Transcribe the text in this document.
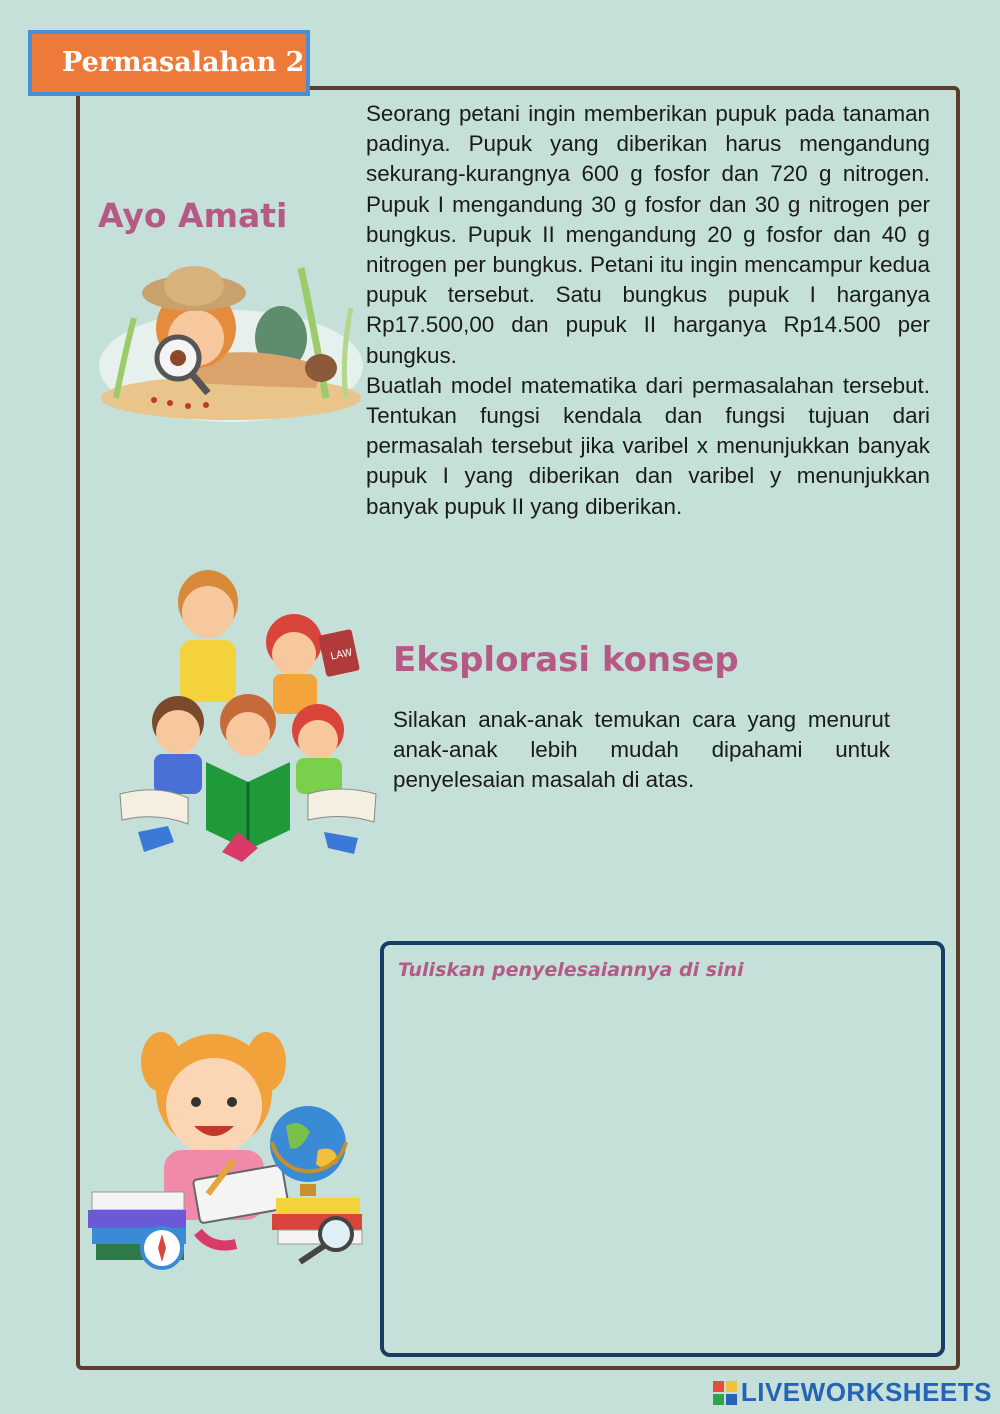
Permasalahan 2
Ayo Amati

Seorang petani ingin memberikan pupuk pada tanaman padinya. Pupuk yang diberikan harus mengandung sekurang-kurangnya 600 g fosfor dan 720 g nitrogen. Pupuk I mengandung 30 g fosfor dan 30 g nitrogen per bungkus. Pupuk II mengandung 20 g fosfor dan 40 g nitrogen per bungkus. Petani itu ingin mencampur kedua pupuk tersebut. Satu bungkus pupuk I harganya Rp17.500,00 dan pupuk II harganya Rp14.500 per bungkus.

Buatlah model matematika dari permasalahan tersebut. Tentukan fungsi kendala dan fungsi tujuan dari permasalah tersebut jika varibel x menunjukkan banyak pupuk I yang diberikan dan varibel y menunjukkan banyak pupuk II yang diberikan.

LAW Eksplorasi konsep

Silakan anak-anak temukan cara yang menurut anak-anak lebih mudah dipahami untuk penyelesaian masalah di atas.

Tuliskan penyelesaiannya di sini
LIVEWORKSHEETS
